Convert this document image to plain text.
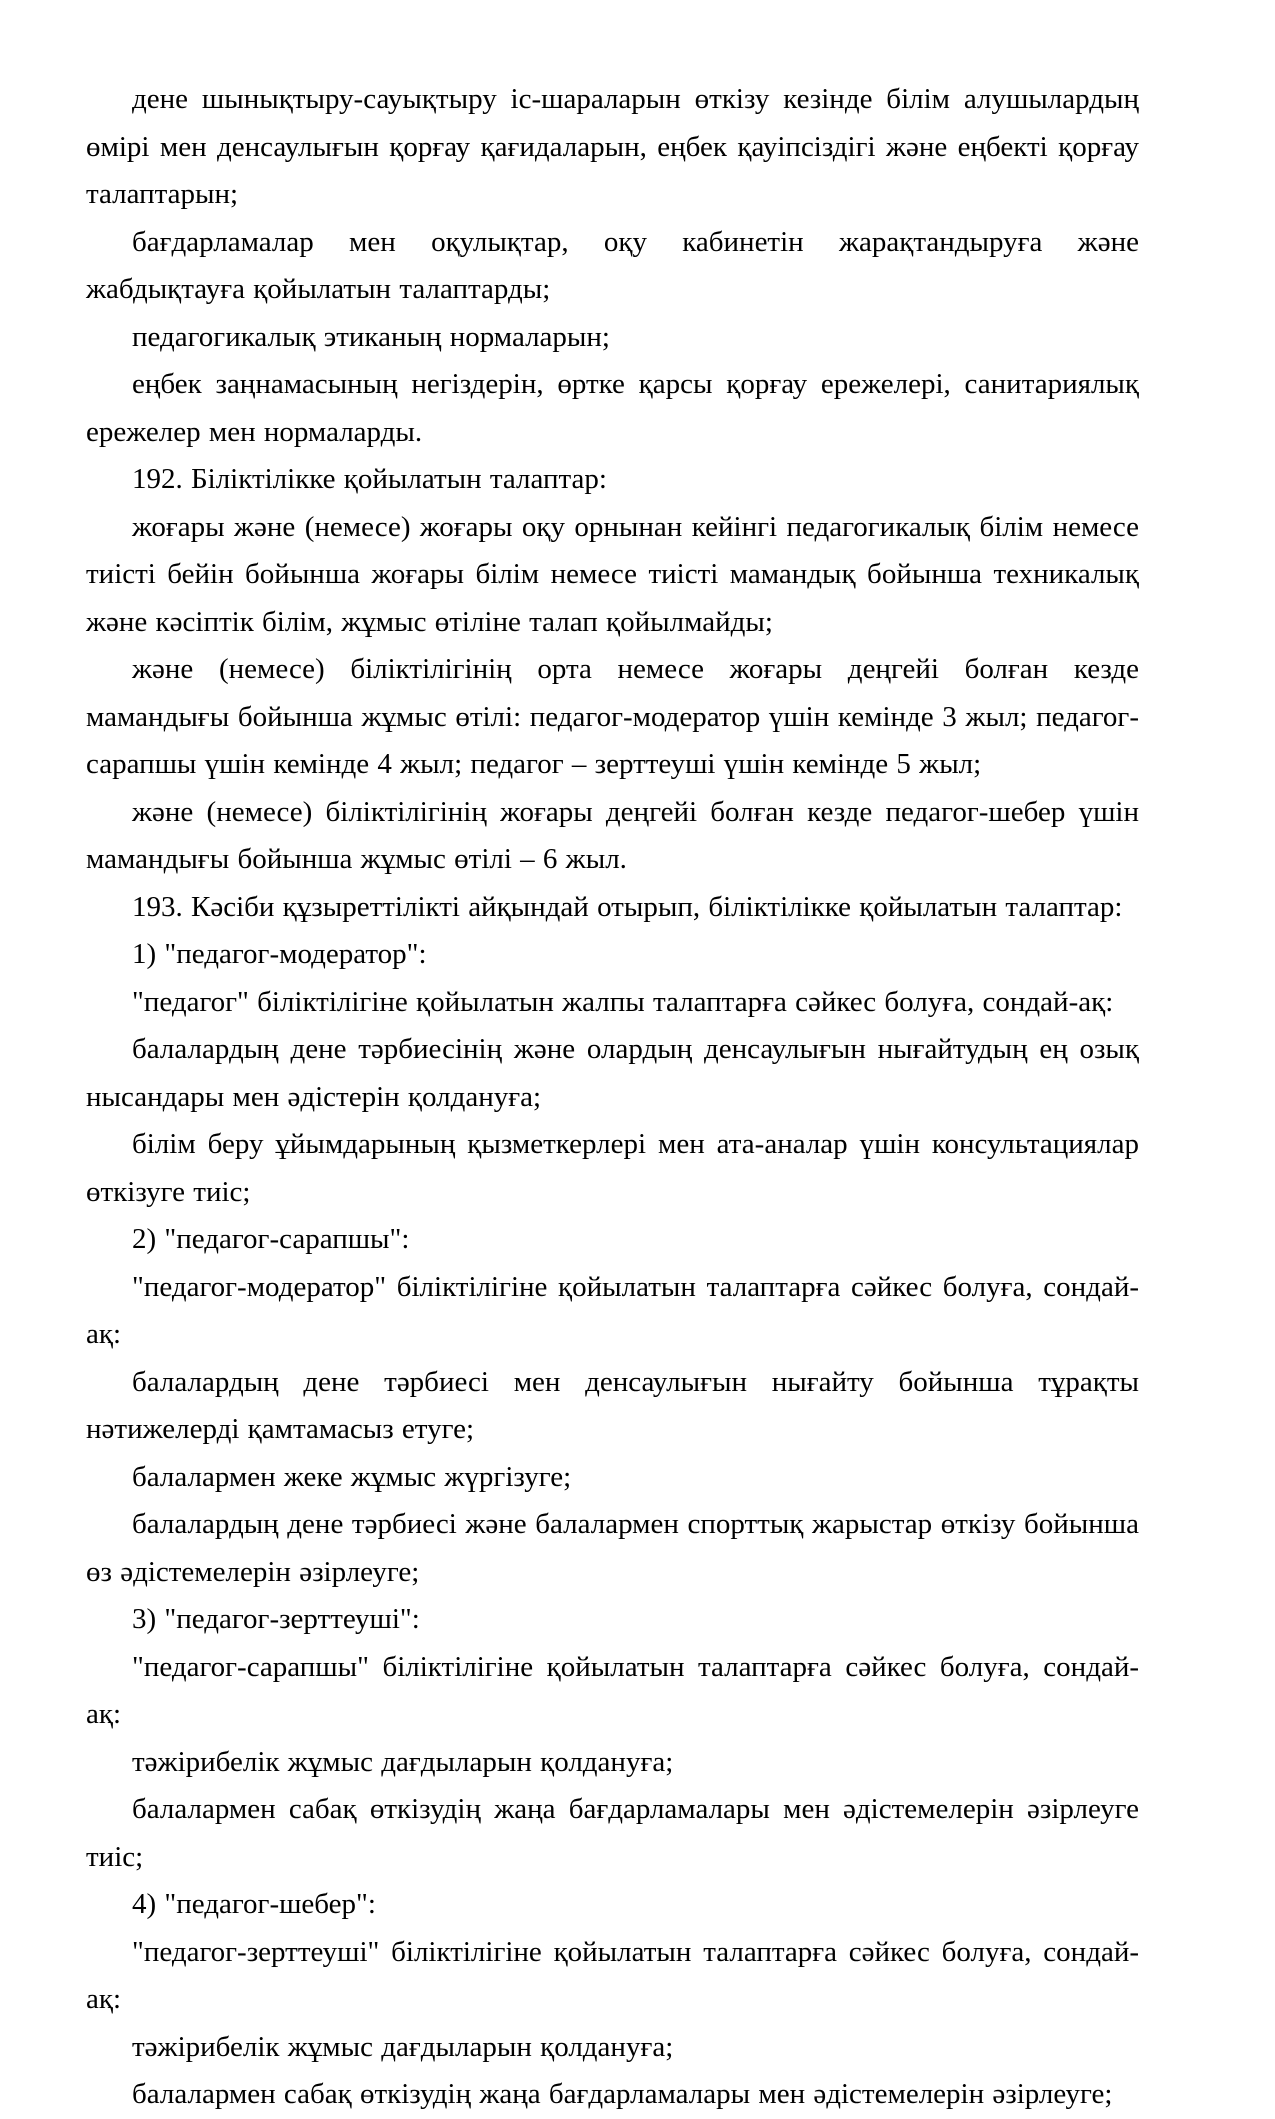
дене шынықтыру-сауықтыру іс-шараларын өткізу кезінде білім алушылардың өмірі мен денсаулығын қорғау қағидаларын, еңбек қауіпсіздігі және еңбекті қорғау талаптарын;

бағдарламалар мен оқулықтар, оқу кабинетін жарақтандыруға және жабдықтауға қойылатын талаптарды;

педагогикалық этиканың нормаларын;

еңбек заңнамасының негіздерін, өртке қарсы қорғау ережелері, санитариялық ережелер мен нормаларды.

192. Біліктілікке қойылатын талаптар:

жоғары және (немесе) жоғары оқу орнынан кейінгі педагогикалық білім немесе тиісті бейін бойынша жоғары білім немесе тиісті мамандық бойынша техникалық және кәсіптік білім, жұмыс өтіліне талап қойылмайды;

және (немесе) біліктілігінің орта немесе жоғары деңгейі болған кезде мамандығы бойынша жұмыс өтілі: педагог-модератор үшін кемінде 3 жыл; педагог-сарапшы үшін кемінде 4 жыл; педагог – зерттеуші үшін кемінде 5 жыл;

және (немесе) біліктілігінің жоғары деңгейі болған кезде педагог-шебер үшін мамандығы бойынша жұмыс өтілі – 6 жыл.

193. Кәсіби құзыреттілікті айқындай отырып, біліктілікке қойылатын талаптар:

1) "педагог-модератор":

"педагог" біліктілігіне қойылатын жалпы талаптарға сәйкес болуға, сондай-ақ:

балалардың дене тәрбиесінің және олардың денсаулығын нығайтудың ең озық нысандары мен әдістерін қолдануға;

білім беру ұйымдарының қызметкерлері мен ата-аналар үшін консультациялар өткізуге тиіс;

2) "педагог-сарапшы":

"педагог-модератор" біліктілігіне қойылатын талаптарға сәйкес болуға, сондай-ақ:

балалардың дене тәрбиесі мен денсаулығын нығайту бойынша тұрақты нәтижелерді қамтамасыз етуге;

балалармен жеке жұмыс жүргізуге;

балалардың дене тәрбиесі және балалармен спорттық жарыстар өткізу бойынша өз әдістемелерін әзірлеуге;

3) "педагог-зерттеуші":

"педагог-сарапшы" біліктілігіне қойылатын талаптарға сәйкес болуға, сондай-ақ:

тәжірибелік жұмыс дағдыларын қолдануға;

балалармен сабақ өткізудің жаңа бағдарламалары мен әдістемелерін әзірлеуге тиіс;

4) "педагог-шебер":

"педагог-зерттеуші" біліктілігіне қойылатын талаптарға сәйкес болуға, сондай-ақ:

тәжірибелік жұмыс дағдыларын қолдануға;

балалармен сабақ өткізудің жаңа бағдарламалары мен әдістемелерін әзірлеуге;
